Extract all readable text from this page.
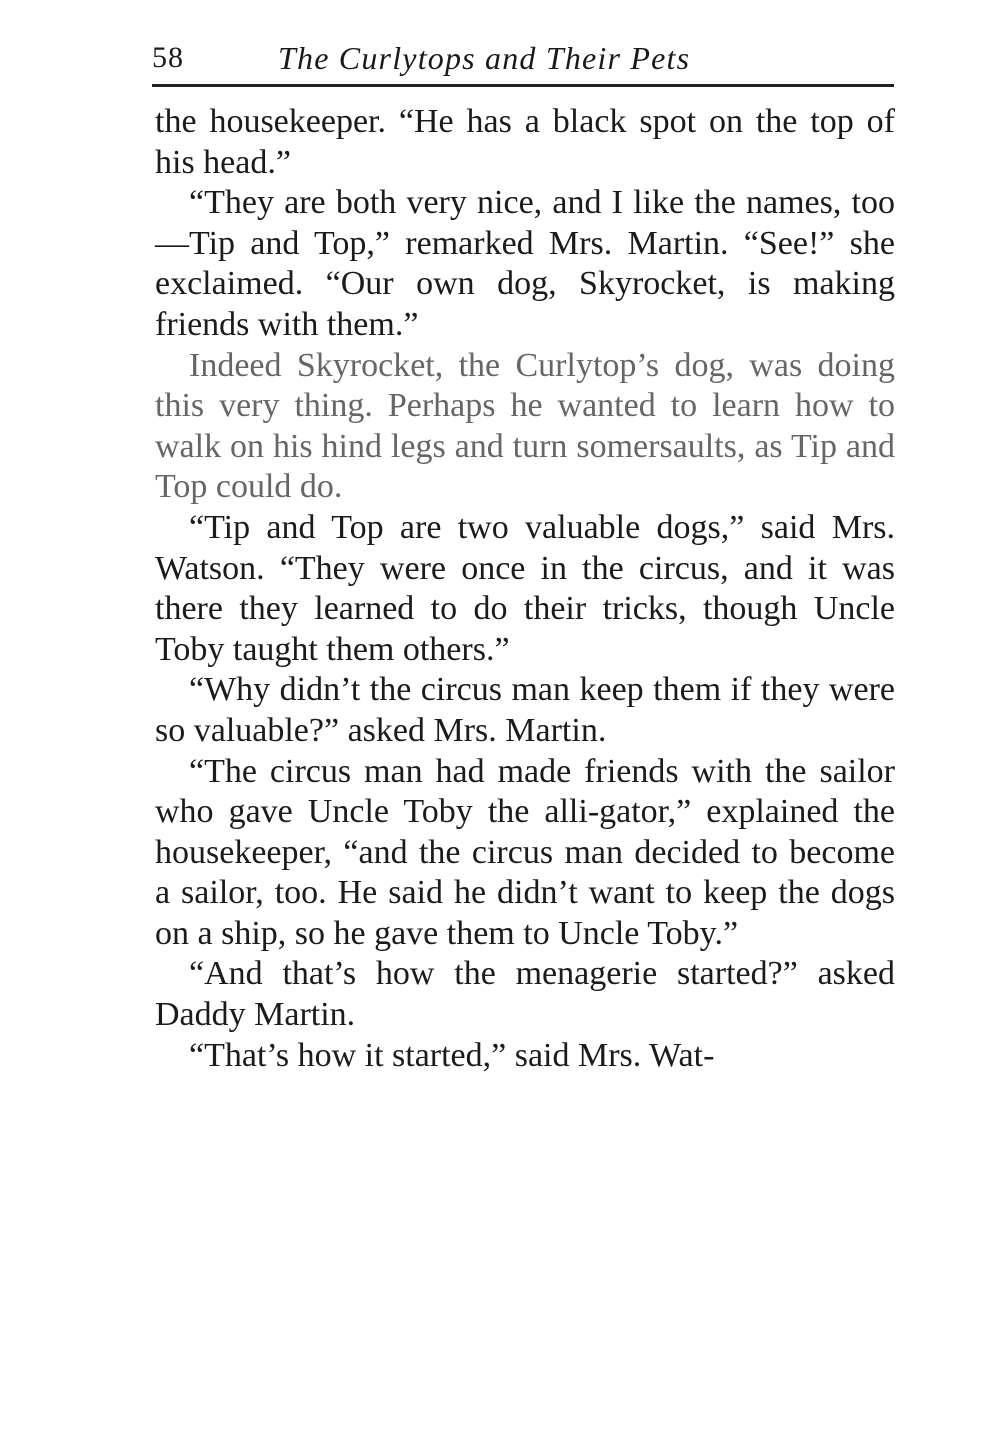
58	The Curlytops and Their Pets

the housekeeper. “He has a black spot on the top of his head.”

“They are both very nice, and I like the names, too—Tip and Top,” remarked Mrs. Martin. “See!” she exclaimed. “Our own dog, Skyrocket, is making friends with them.”

Indeed Skyrocket, the Curlytop’s dog, was doing this very thing. Perhaps he wanted to learn how to walk on his hind legs and turn somersaults, as Tip and Top could do.

“Tip and Top are two valuable dogs,” said Mrs. Watson. “They were once in the circus, and it was there they learned to do their tricks, though Uncle Toby taught them others.”

“Why didn’t the circus man keep them if they were so valuable?” asked Mrs. Martin.

“The circus man had made friends with the sailor who gave Uncle Toby the alli-gator,” explained the housekeeper, “and the circus man decided to become a sailor, too. He said he didn’t want to keep the dogs on a ship, so he gave them to Uncle Toby.”

“And that’s how the menagerie started?” asked Daddy Martin.

“That’s how it started,” said Mrs. Wat-
